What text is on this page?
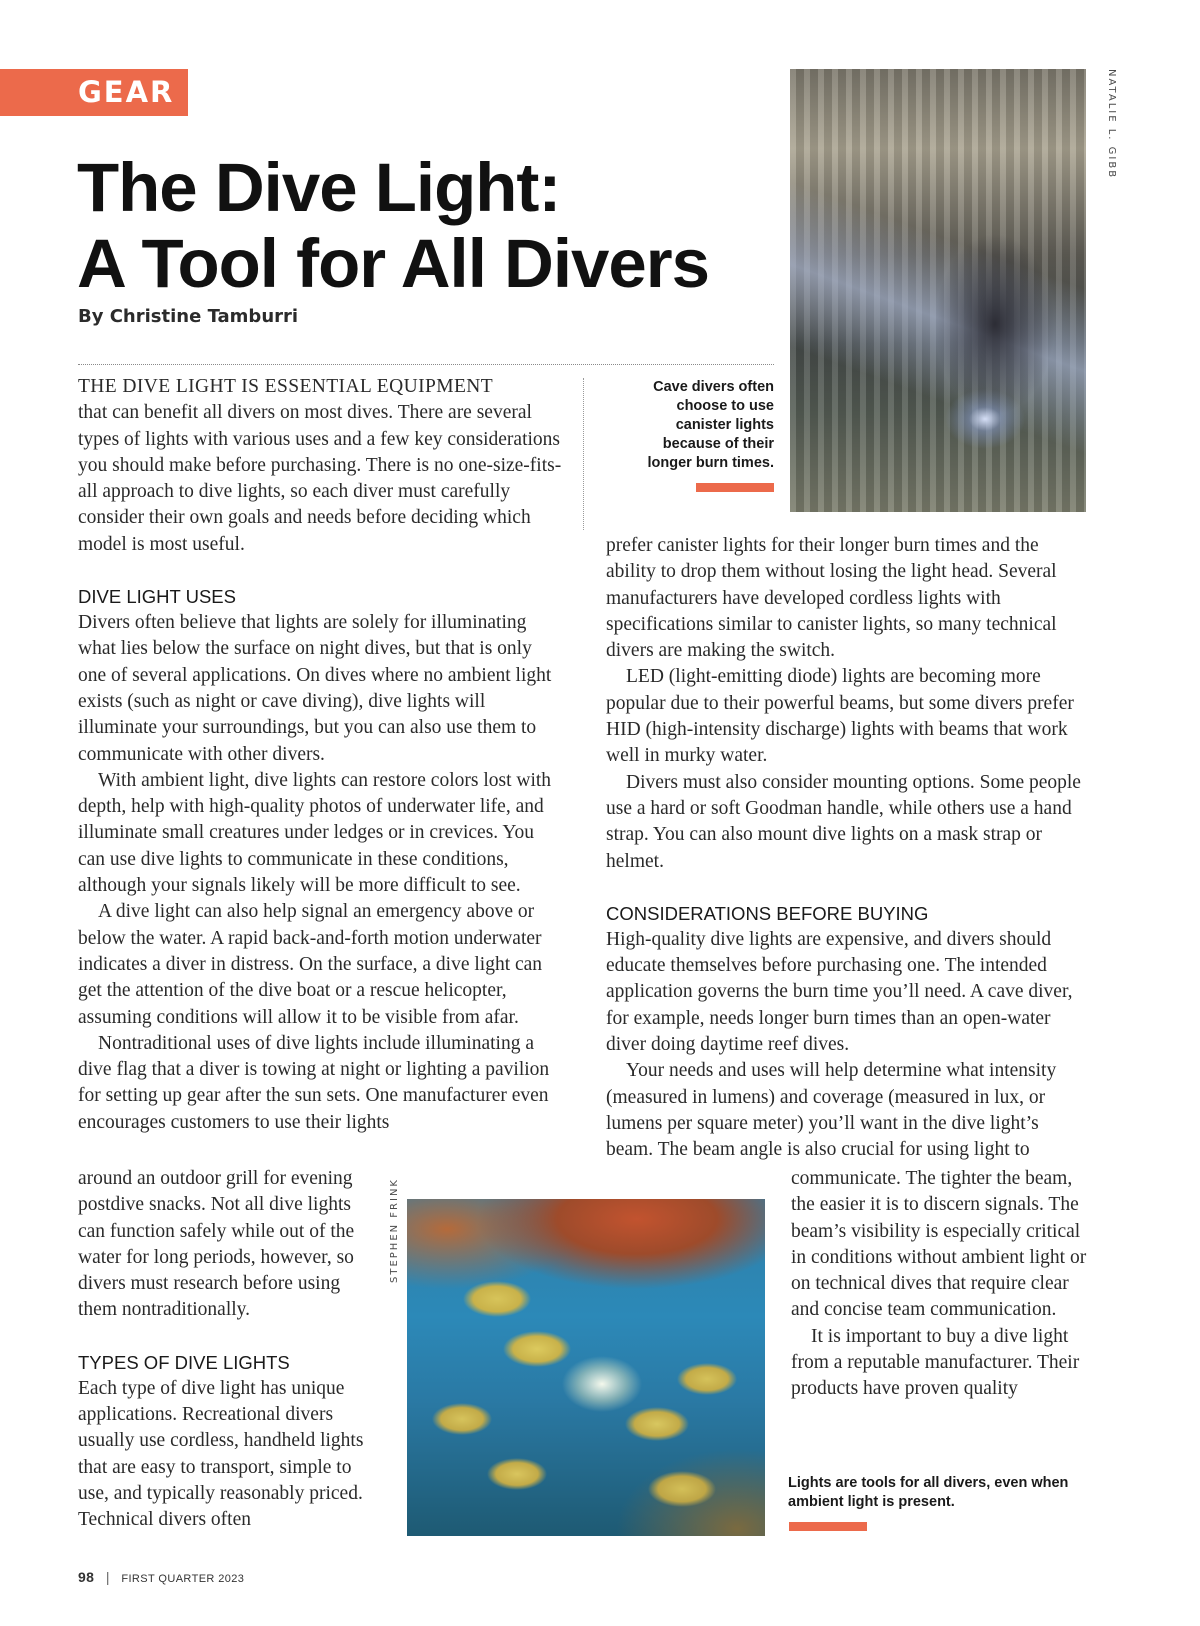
GEAR
The Dive Light:
A Tool for All Divers
By Christine Tamburri
NATALIE L. GIBB
Cave divers often choose to use canister lights because of their longer burn times.
STEPHEN FRINK
Lights are tools for all divers, even when ambient light is present.

THE DIVE LIGHT IS ESSENTIAL EQUIPMENT
that can benefit all divers on most dives. There are several types of lights with various uses and a few key considerations you should make before purchasing. There is no one-size-fits-all approach to dive lights, so each diver must carefully consider their own goals and needs before deciding which model is most useful.

DIVE LIGHT USES

Divers often believe that lights are solely for illuminating what lies below the surface on night dives, but that is only one of several applications. On dives where no ambient light exists (such as night or cave diving), dive lights will illuminate your surroundings, but you can also use them to communicate with other divers.

With ambient light, dive lights can restore colors lost with depth, help with high-quality photos of underwater life, and illuminate small creatures under ledges or in crevices. You can use dive lights to communicate in these conditions, although your signals likely will be more difficult to see.

A dive light can also help signal an emergency above or below the water. A rapid back-and-forth motion underwater indicates a diver in distress. On the surface, a dive light can get the attention of the dive boat or a rescue helicopter, assuming conditions will allow it to be visible from afar.

Nontraditional uses of dive lights include illuminating a dive flag that a diver is towing at night or lighting a pavilion for setting up gear after the sun sets. One manufacturer even encourages customers to use their lights

around an outdoor grill for evening postdive snacks. Not all dive lights can function safely while out of the water for long periods, however, so divers must research before using them nontraditionally.

TYPES OF DIVE LIGHTS

Each type of dive light has unique applications. Recreational divers usually use cordless, handheld lights that are easy to transport, simple to use, and typically reasonably priced. Technical divers often

prefer canister lights for their longer burn times and the ability to drop them without losing the light head. Several manufacturers have developed cordless lights with specifications similar to canister lights, so many technical divers are making the switch.

LED (light-emitting diode) lights are becoming more popular due to their powerful beams, but some divers prefer HID (high-intensity discharge) lights with beams that work well in murky water.

Divers must also consider mounting options. Some people use a hard or soft Goodman handle, while others use a hand strap. You can also mount dive lights on a mask strap or helmet.

CONSIDERATIONS BEFORE BUYING

High-quality dive lights are expensive, and divers should educate themselves before purchasing one. The intended application governs the burn time you’ll need. A cave diver, for example, needs longer burn times than an open-water diver doing daytime reef dives.

Your needs and uses will help determine what intensity (measured in lumens) and coverage (measured in lux, or lumens per square meter) you’ll want in the dive light’s beam. The beam angle is also crucial for using light to

communicate. The tighter the beam, the easier it is to discern signals. The beam’s visibility is especially critical in conditions without ambient light or on technical dives that require clear and concise team communication.

It is important to buy a dive light from a reputable manufacturer. Their products have proven quality

98 | FIRST QUARTER 2023
